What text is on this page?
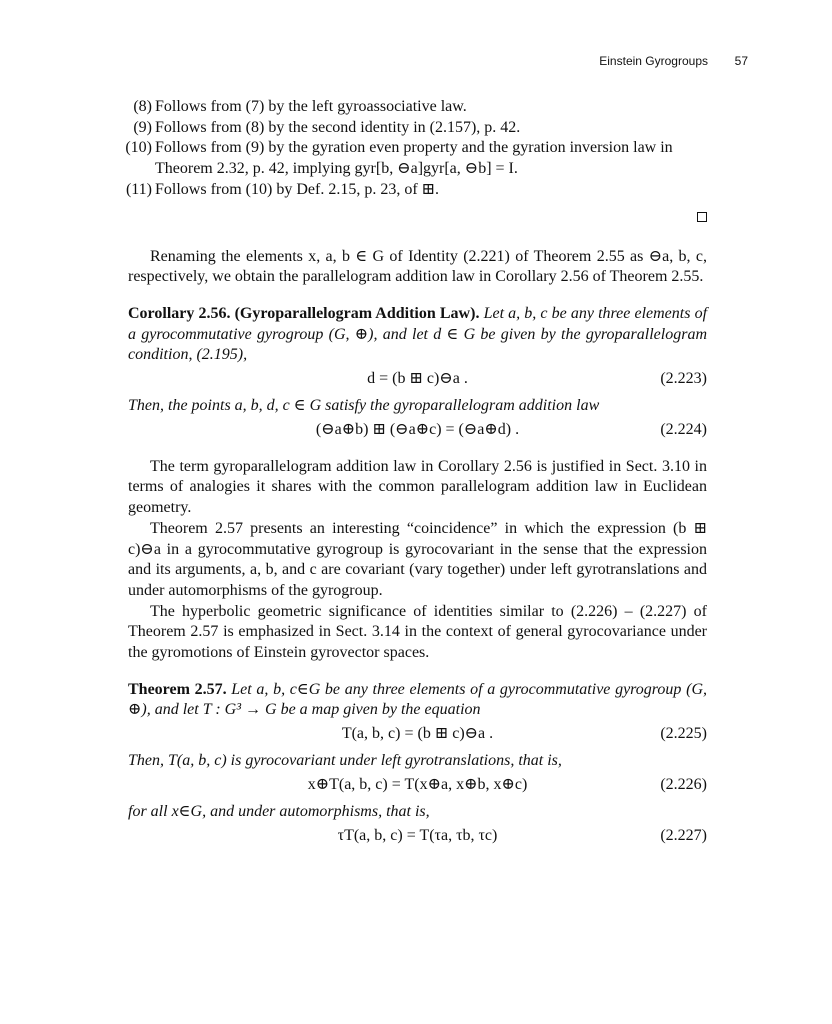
Einstein Gyrogroups 57
(8) Follows from (7) by the left gyroassociative law.
(9) Follows from (8) by the second identity in (2.157), p. 42.
(10) Follows from (9) by the gyration even property and the gyration inversion law in Theorem 2.32, p. 42, implying gyr[b, ⊖a]gyr[a, ⊖b] = I.
(11) Follows from (10) by Def. 2.15, p. 23, of ⊞.

Renaming the elements x, a, b ∈ G of Identity (2.221) of Theorem 2.55 as ⊖a, b, c, respectively, we obtain the parallelogram addition law in Corollary 2.56 of Theorem 2.55.

Corollary 2.56. (Gyroparallelogram Addition Law). Let a, b, c be any three elements of a gyrocommutative gyrogroup (G, ⊕), and let d ∈ G be given by the gyroparallelogram condition, (2.195),

d = (b ⊞ c)⊖a .	(2.223)

Then, the points a, b, d, c ∈ G satisfy the gyroparallelogram addition law

(⊖a⊕b) ⊞ (⊖a⊕c) = (⊖a⊕d) .	(2.224)

The term gyroparallelogram addition law in Corollary 2.56 is justified in Sect. 3.10 in terms of analogies it shares with the common parallelogram addition law in Euclidean geometry.

Theorem 2.57 presents an interesting “coincidence” in which the expression (b ⊞ c)⊖a in a gyrocommutative gyrogroup is gyrocovariant in the sense that the expression and its arguments, a, b, and c are covariant (vary together) under left gyrotranslations and under automorphisms of the gyrogroup.

The hyperbolic geometric significance of identities similar to (2.226) – (2.227) of Theorem 2.57 is emphasized in Sect. 3.14 in the context of general gyrocovariance under the gyromotions of Einstein gyrovector spaces.

Theorem 2.57. Let a, b, c∈G be any three elements of a gyrocommutative gyrogroup (G, ⊕), and let T : G³ → G be a map given by the equation

T(a, b, c) = (b ⊞ c)⊖a .	(2.225)

Then, T(a, b, c) is gyrocovariant under left gyrotranslations, that is,

x⊕T(a, b, c) = T(x⊕a, x⊕b, x⊕c)	(2.226)

for all x∈G, and under automorphisms, that is,

τT(a, b, c) = T(τa, τb, τc)	(2.227)
